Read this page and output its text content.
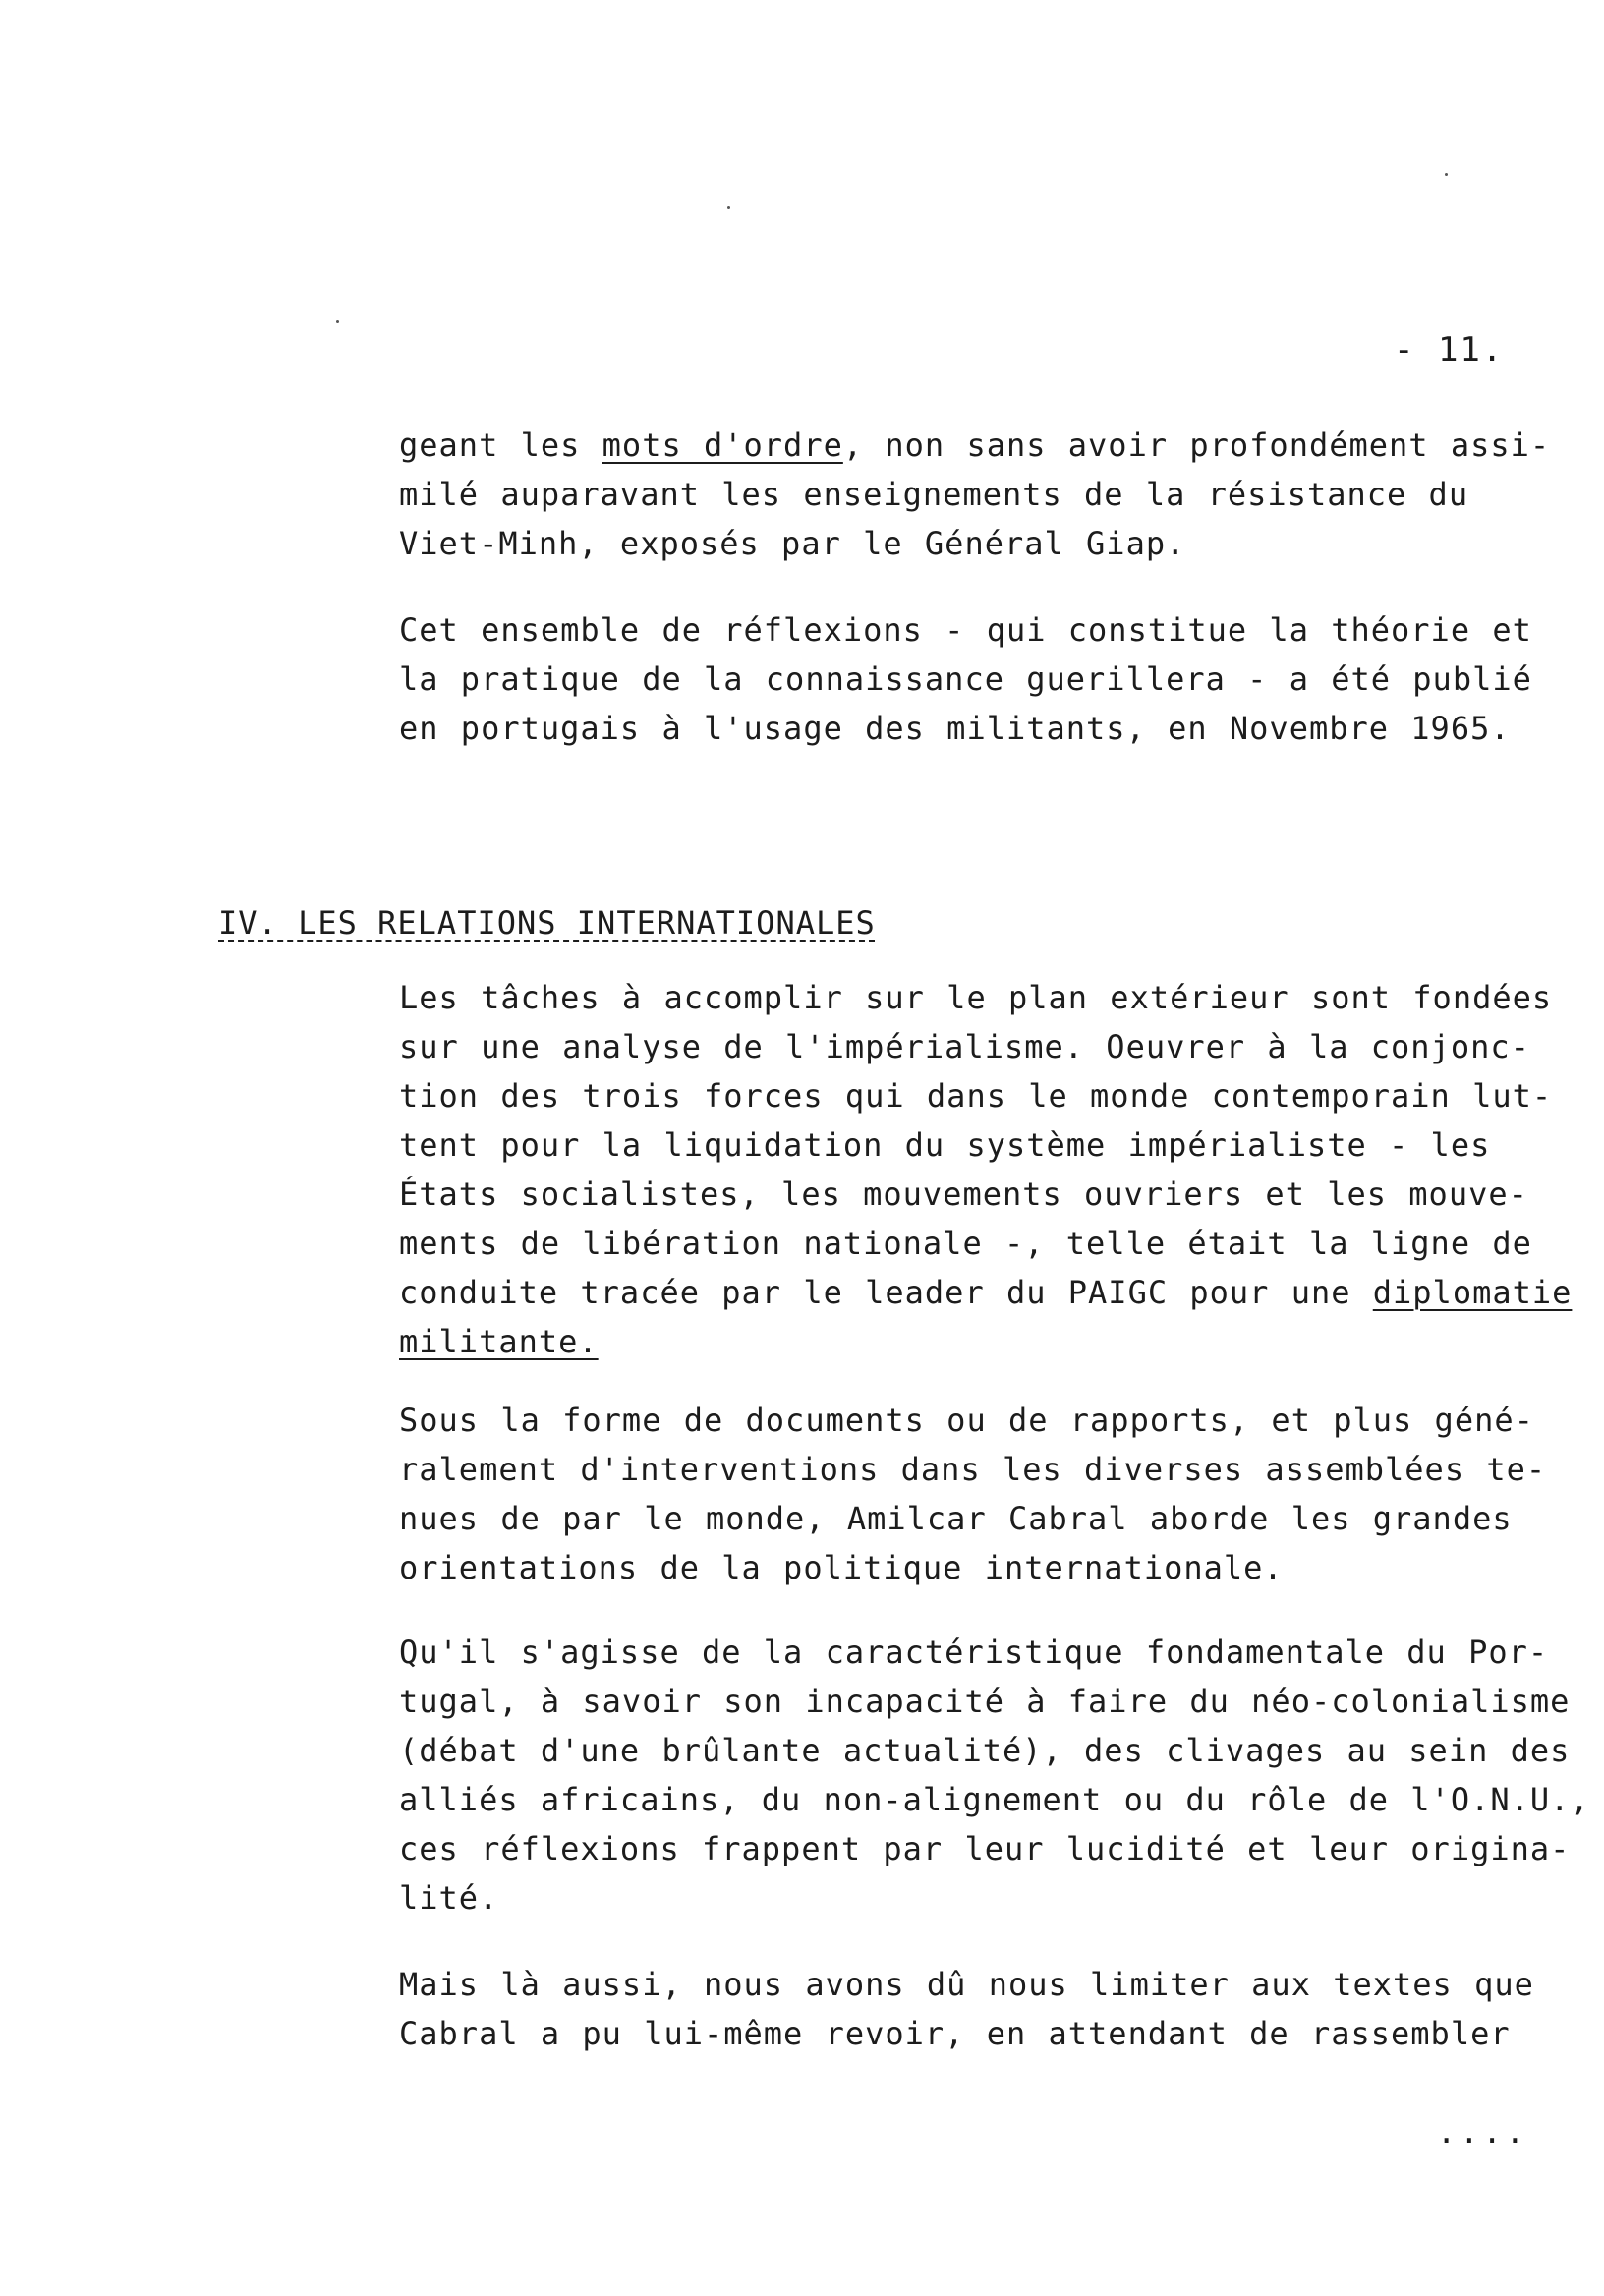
- 11.
geant les mots d'ordre, non sans avoir profondément assi-
milé auparavant les enseignements de la résistance du
Viet-Minh, exposés par le Général Giap.
Cet ensemble de réflexions - qui constitue la théorie et
la pratique de la connaissance guerillera - a été publié
en portugais à l'usage des militants, en Novembre 1965.
IV. LES RELATIONS INTERNATIONALES
Les tâches à accomplir sur le plan extérieur sont fondées
sur une analyse de l'impérialisme. Oeuvrer à la conjonc-
tion des trois forces qui dans le monde contemporain lut-
tent pour la liquidation du système impérialiste - les
États socialistes, les mouvements ouvriers et les mouve-
ments de libération nationale -, telle était la ligne de
conduite tracée par le leader du PAIGC pour une diplomatie
militante.
Sous la forme de documents ou de rapports, et plus géné-
ralement d'interventions dans les diverses assemblées te-
nues de par le monde, Amilcar Cabral aborde les grandes
orientations de la politique internationale.
Qu'il s'agisse de la caractéristique fondamentale du Por-
tugal, à savoir son incapacité à faire du néo-colonialisme
(débat d'une brûlante actualité), des clivages au sein des
alliés africains, du non-alignement ou du rôle de l'O.N.U.,
ces réflexions frappent par leur lucidité et leur origina-
lité.
Mais là aussi, nous avons dû nous limiter aux textes que
Cabral a pu lui-même revoir, en attendant de rassembler
....
